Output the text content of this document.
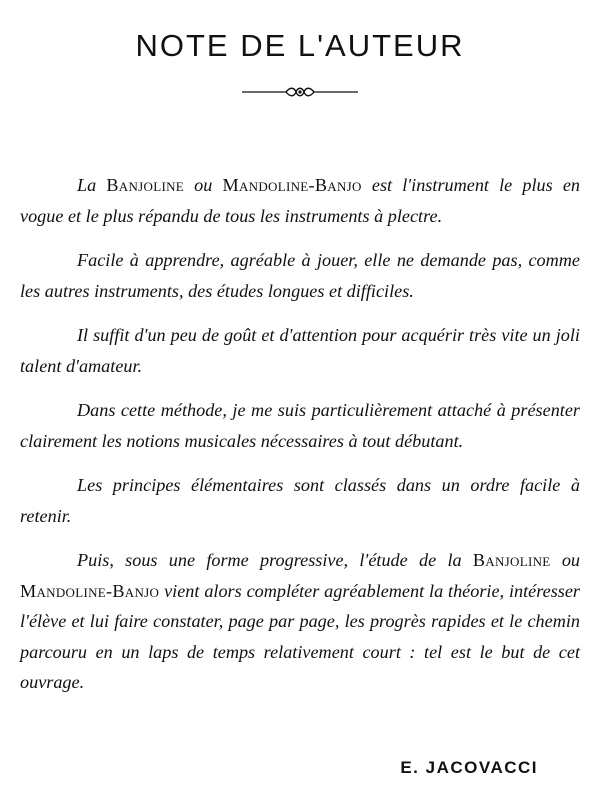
NOTE DE L'AUTEUR

La Banjoline ou Mandoline-Banjo est l'instrument le plus en vogue et le plus répandu de tous les instruments à plectre.

Facile à apprendre, agréable à jouer, elle ne demande pas, comme les autres instruments, des études longues et difficiles.

Il suffit d'un peu de goût et d'attention pour acquérir très vite un joli talent d'amateur.

Dans cette méthode, je me suis particulièrement attaché à présenter clairement les notions musicales nécessaires à tout débutant.

Les principes élémentaires sont classés dans un ordre facile à retenir.

Puis, sous une forme progressive, l'étude de la Banjoline ou Mandoline-Banjo vient alors compléter agréablement la théorie, intéresser l'élève et lui faire constater, page par page, les progrès rapides et le chemin parcouru en un laps de temps relativement court : tel est le but de cet ouvrage.

E. JACOVACCI
